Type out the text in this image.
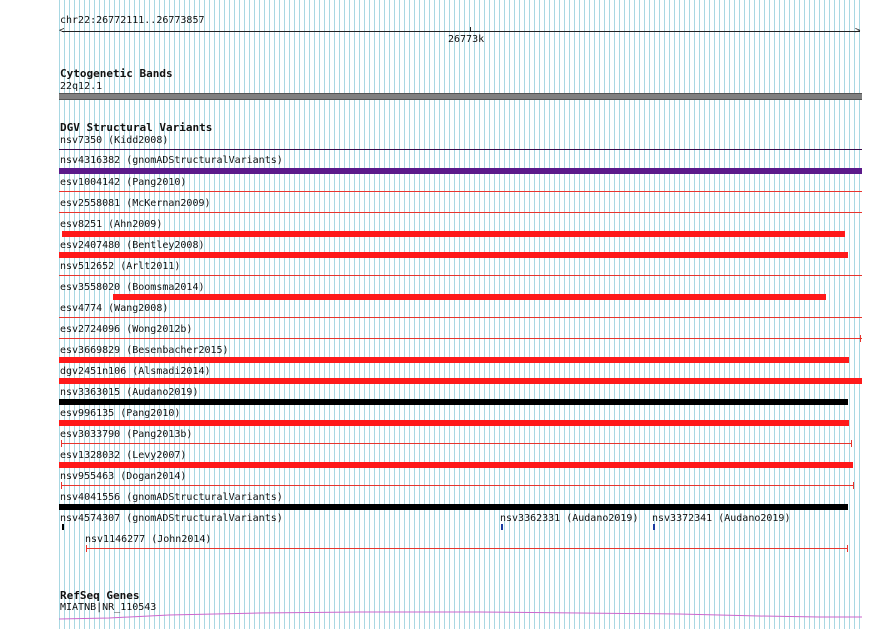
chr22:26772111..26773857
<	>
26773k
Cytogenetic Bands
22q12.1
DGV Structural Variants
nsv7350 (Kidd2008)
nsv4316382 (gnomADStructuralVariants)
esv1004142 (Pang2010)
esv2558081 (McKernan2009)
esv8251 (Ahn2009)
esv2407480 (Bentley2008)
nsv512652 (Arlt2011)
esv3558020 (Boomsma2014)
esv4774 (Wang2008)
esv2724096 (Wong2012b)
esv3669829 (Besenbacher2015)
dgv2451n106 (Alsmadi2014)
nsv3363015 (Audano2019)
esv996135 (Pang2010)
esv3033790 (Pang2013b)
esv1328032 (Levy2007)
nsv955463 (Dogan2014)
nsv4041556 (gnomADStructuralVariants)
nsv4574307 (gnomADStructuralVariants)	nsv3362331 (Audano2019) nsv3372341 (Audano2019)
nsv1146277 (John2014)
RefSeq Genes
MIATNB|NR_110543
